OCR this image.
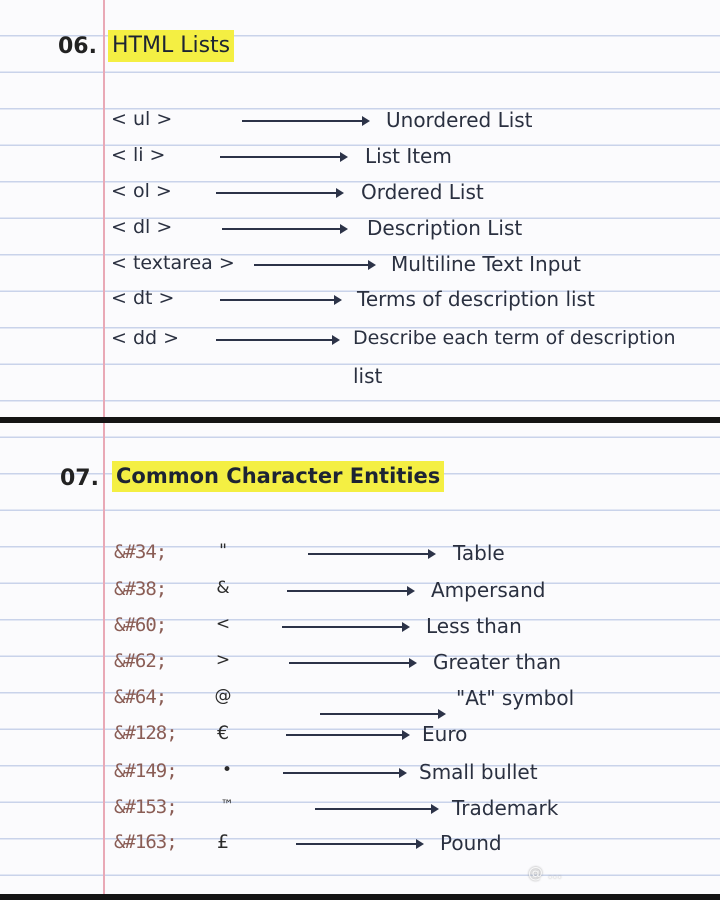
06. HTML Lists
< ul >	Unordered List
< li >	List Item
< ol >	Ordered List
< dl >	Description List
< textarea >	Multiline Text Input
< dt >	Terms of description list
< dd >	Describe each term of description
list
07. Common Character Entities
&#34;	"	Table
&#38;	&	Ampersand
&#60;	<	Less than
&#62;	>	Greater than
&#64;	@	"At" symbol
&#128;	€	Euro
&#149;	•	Small bullet
&#153;	™	Trademark
&#163;	£	Pound
@ ...
